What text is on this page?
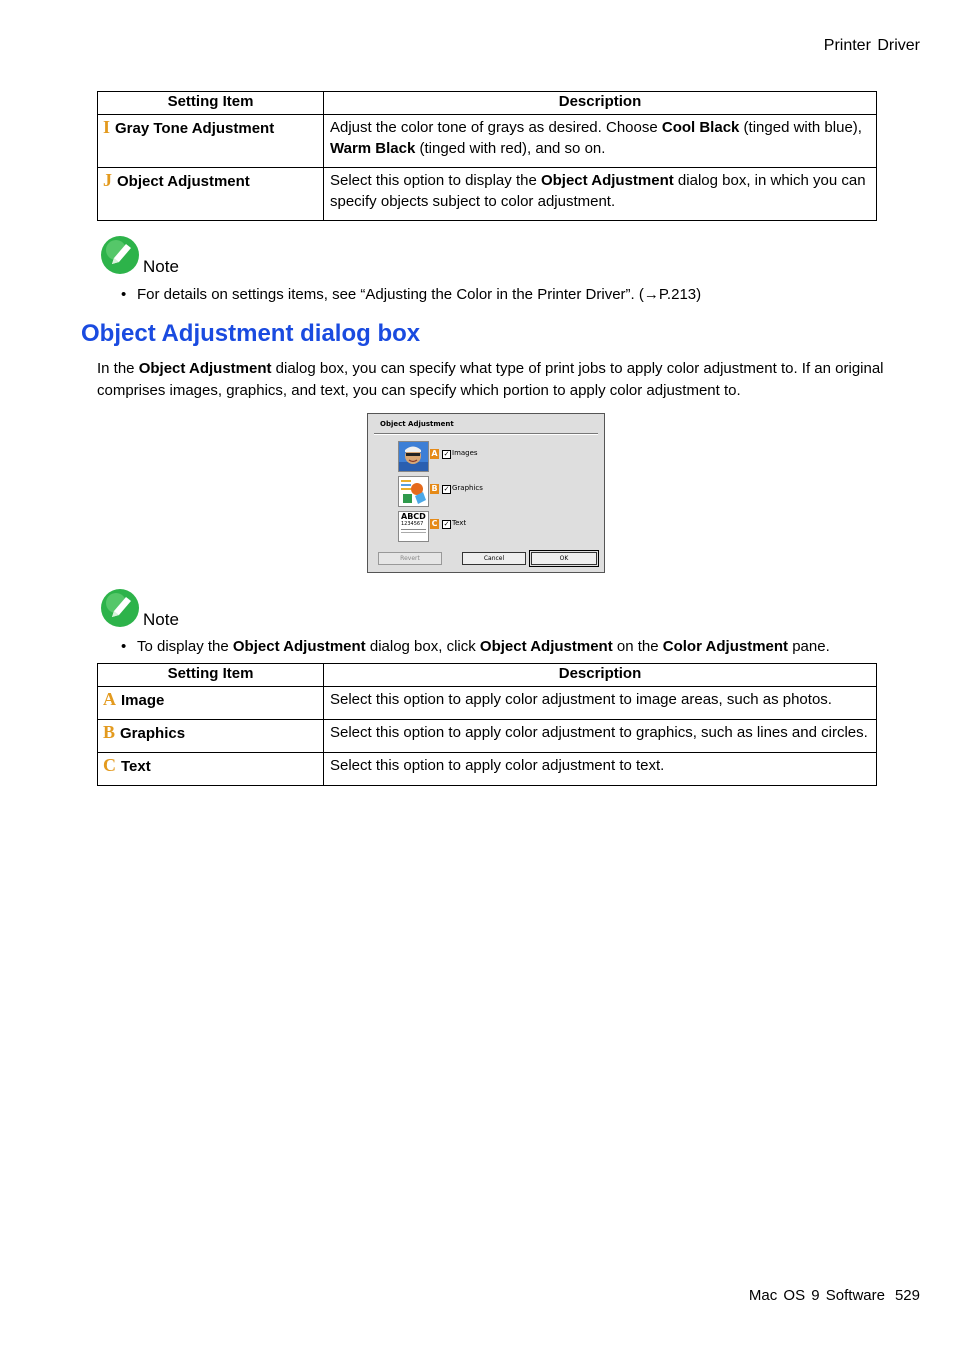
Printer Driver
Setting Item	Description
I Gray Tone Adjustment	Adjust the color tone of grays as desired. Choose Cool Black (tinged with blue), Warm Black (tinged with red), and so on.
J Object Adjustment	Select this option to display the Object Adjustment dialog box, in which you can specify objects subject to color adjustment.
Note
• For details on settings items, see “Adjusting the Color in the Printer Driver”. (→P.213)
Object Adjustment dialog box
In the Object Adjustment dialog box, you can specify what type of print jobs to apply color adjustment to. If an original comprises images, graphics, and text, you can specify which portion to apply color adjustment to.
Object Adjustment
A ✓ Images
B ✓ Graphics
ABCD
1234567	C ✓ Text
Revert	Cancel	OK
Note
• To display the Object Adjustment dialog box, click Object Adjustment on the Color Adjustment pane.
Setting Item	Description
A Image	Select this option to apply color adjustment to image areas, such as photos.
B Graphics	Select this option to apply color adjustment to graphics, such as lines and circles.
C Text	Select this option to apply color adjustment to text.
Mac OS 9 Software 529
